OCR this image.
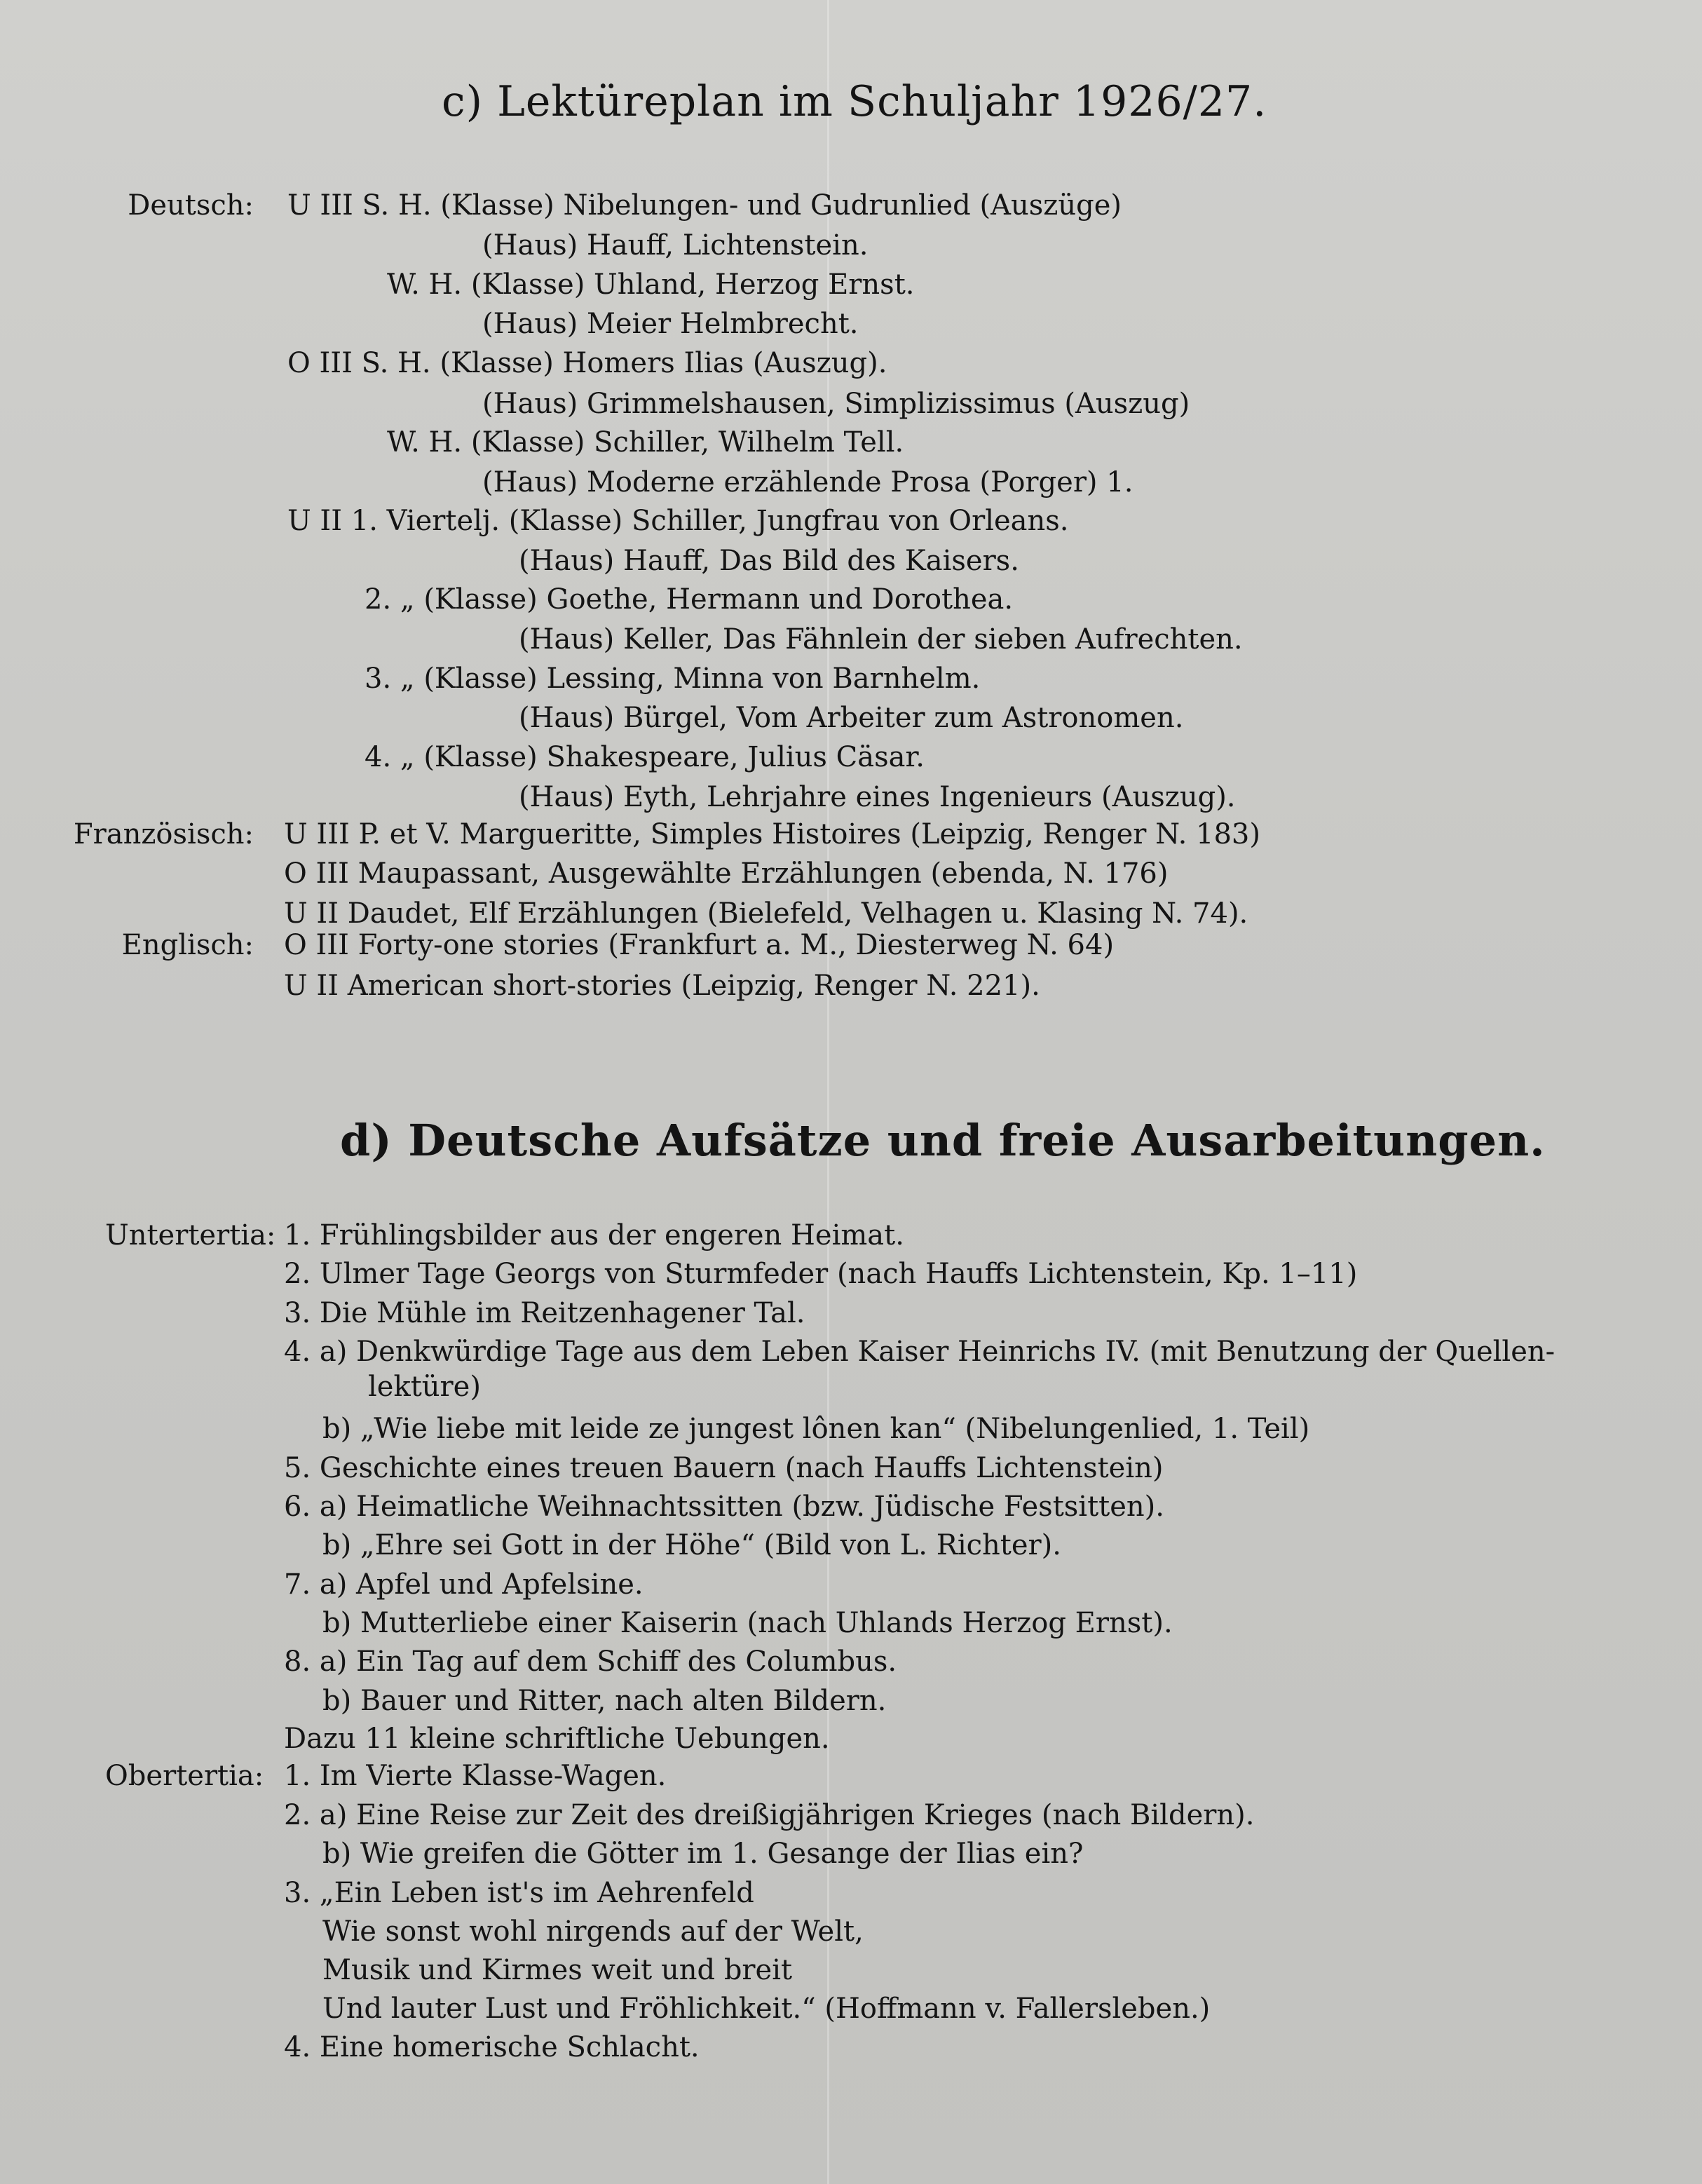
c) Lektüreplan im Schuljahr 1926/27.
Deutsch:
Französisch:
Englisch:
U III S. H. (Klasse) Nibelungen- und Gudrunlied (Auszüge)
(Haus) Hauff, Lichtenstein.
W. H. (Klasse) Uhland, Herzog Ernst.
(Haus) Meier Helmbrecht.
O III S. H. (Klasse) Homers Ilias (Auszug).
(Haus) Grimmelshausen, Simplizissimus (Auszug)
W. H. (Klasse) Schiller, Wilhelm Tell.
(Haus) Moderne erzählende Prosa (Porger) 1.
U II 1. Viertelj. (Klasse) Schiller, Jungfrau von Orleans.
(Haus) Hauff, Das Bild des Kaisers.
2. „ (Klasse) Goethe, Hermann und Dorothea.
(Haus) Keller, Das Fähnlein der sieben Aufrechten.
3. „ (Klasse) Lessing, Minna von Barnhelm.
(Haus) Bürgel, Vom Arbeiter zum Astronomen.
4. „ (Klasse) Shakespeare, Julius Cäsar.
(Haus) Eyth, Lehrjahre eines Ingenieurs (Auszug).
U III P. et V. Margueritte, Simples Histoires (Leipzig, Renger N. 183)
O III Maupassant, Ausgewählte Erzählungen (ebenda, N. 176)
U II Daudet, Elf Erzählungen (Bielefeld, Velhagen u. Klasing N. 74).
O III Forty-one stories (Frankfurt a. M., Diesterweg N. 64)
U II American short-stories (Leipzig, Renger N. 221).
d) Deutsche Aufsätze und freie Ausarbeitungen.
Untertertia:
Obertertia:
1. Frühlingsbilder aus der engeren Heimat.
2. Ulmer Tage Georgs von Sturmfeder (nach Hauffs Lichtenstein, Kp. 1–11)
3. Die Mühle im Reitzenhagener Tal.
4. a) Denkwürdige Tage aus dem Leben Kaiser Heinrichs IV. (mit Benutzung der Quellen-
lektüre)
b) „Wie liebe mit leide ze jungest lônen kan“ (Nibelungenlied, 1. Teil)
5. Geschichte eines treuen Bauern (nach Hauffs Lichtenstein)
6. a) Heimatliche Weihnachtssitten (bzw. Jüdische Festsitten).
b) „Ehre sei Gott in der Höhe“ (Bild von L. Richter).
7. a) Apfel und Apfelsine.
b) Mutterliebe einer Kaiserin (nach Uhlands Herzog Ernst).
8. a) Ein Tag auf dem Schiff des Columbus.
b) Bauer und Ritter, nach alten Bildern.
Dazu 11 kleine schriftliche Uebungen.
1. Im Vierte Klasse-Wagen.
2. a) Eine Reise zur Zeit des dreißigjährigen Krieges (nach Bildern).
b) Wie greifen die Götter im 1. Gesange der Ilias ein?
3. „Ein Leben ist's im Aehrenfeld
Wie sonst wohl nirgends auf der Welt,
Musik und Kirmes weit und breit
Und lauter Lust und Fröhlichkeit.“ (Hoffmann v. Fallersleben.)
4. Eine homerische Schlacht.
